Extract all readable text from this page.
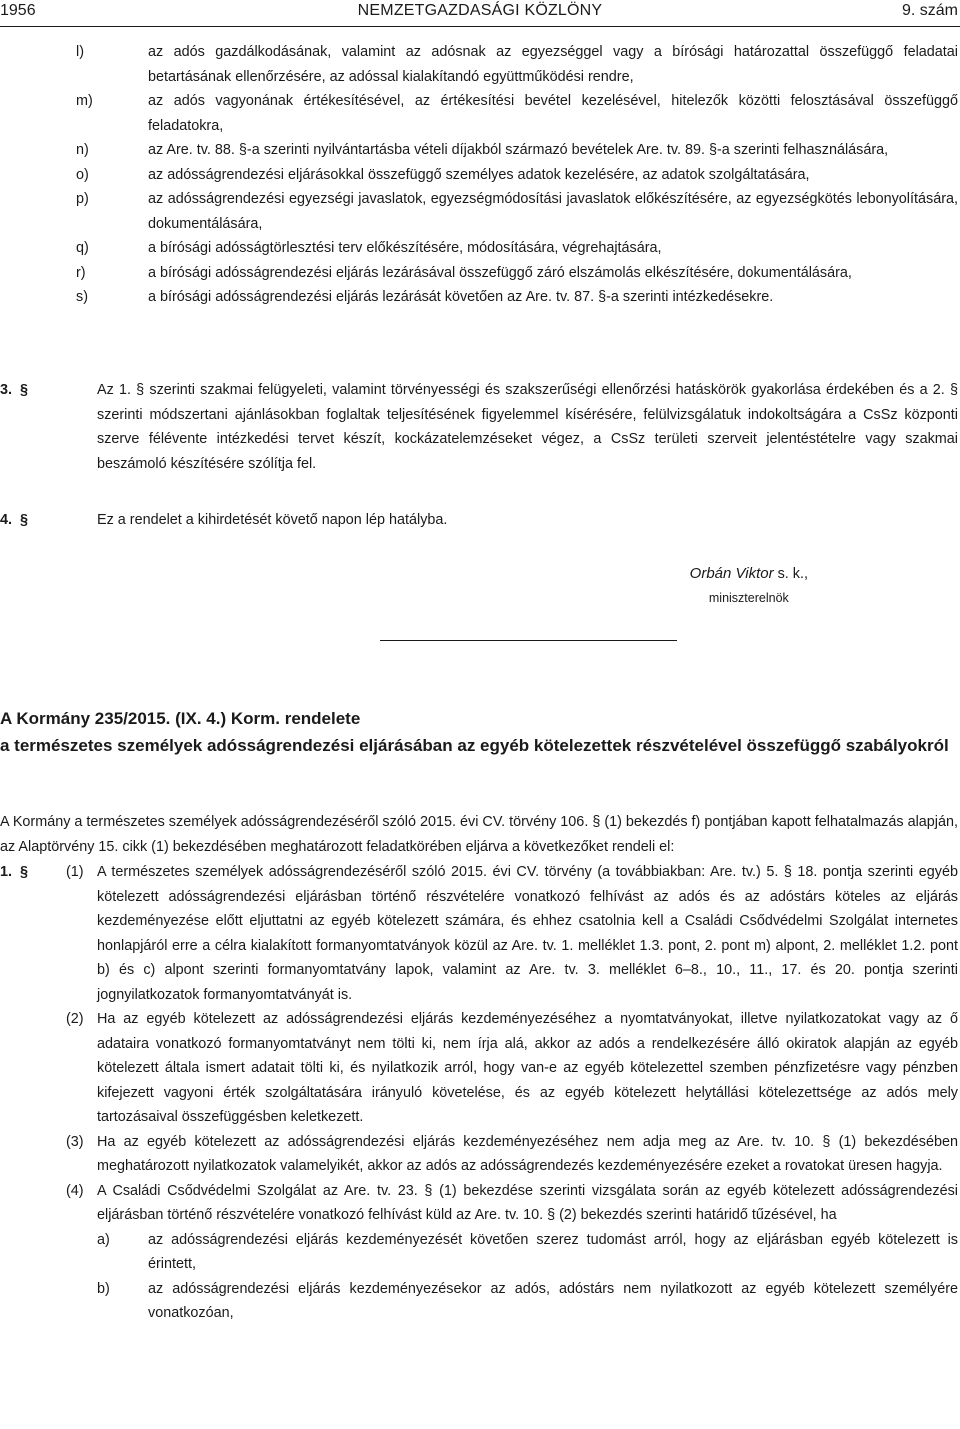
1956	NEMZETGAZDASÁGI KÖZLÖNY	9. szám
l)	az adós gazdálkodásának, valamint az adósnak az egyezséggel vagy a bírósági határozattal összefüggő feladatai betartásának ellenőrzésére, az adóssal kialakítandó együttműködési rendre,
m)	az adós vagyonának értékesítésével, az értékesítési bevétel kezelésével, hitelezők közötti felosztásával összefüggő feladatokra,
n)	az Are. tv. 88. §-a szerinti nyilvántartásba vételi díjakból származó bevételek Are. tv. 89. §-a szerinti felhasználására,
o)	az adósságrendezési eljárásokkal összefüggő személyes adatok kezelésére, az adatok szolgáltatására,
p)	az adósságrendezési egyezségi javaslatok, egyezségmódosítási javaslatok előkészítésére, az egyezségkötés lebonyolítására, dokumentálására,
q)	a bírósági adósságtörlesztési terv előkészítésére, módosítására, végrehajtására,
r)	a bírósági adósságrendezési eljárás lezárásával összefüggő záró elszámolás elkészítésére, dokumentálására,
s)	a bírósági adósságrendezési eljárás lezárását követően az Are. tv. 87. §-a szerinti intézkedésekre.
3. §	Az 1. § szerinti szakmai felügyeleti, valamint törvényességi és szakszerűségi ellenőrzési hatáskörök gyakorlása érdekében és a 2. § szerinti módszertani ajánlásokban foglaltak teljesítésének figyelemmel kísérésére, felülvizsgálatuk indokoltságára a CsSz központi szerve félévente intézkedési tervet készít, kockázatelemzéseket végez, a CsSz területi szerveit jelentéstételre vagy szakmai beszámoló készítésére szólítja fel.
4. §	Ez a rendelet a kihirdetését követő napon lép hatályba.
Orbán Viktor s. k.,
miniszterelnök
A Kormány 235/2015. (IX. 4.) Korm. rendelete
a természetes személyek adósságrendezési eljárásában az egyéb kötelezettek részvételével összefüggő szabályokról
A Kormány a természetes személyek adósságrendezéséről szóló 2015. évi CV. törvény 106. § (1) bekezdés f) pontjában kapott felhatalmazás alapján, az Alaptörvény 15. cikk (1) bekezdésében meghatározott feladatkörében eljárva a következőket rendeli el:
1. §	(1) A természetes személyek adósságrendezéséről szóló 2015. évi CV. törvény (a továbbiakban: Are. tv.) 5. § 18. pontja szerinti egyéb kötelezett adósságrendezési eljárásban történő részvételére vonatkozó felhívást az adós és az adóstárs köteles az eljárás kezdeményezése előtt eljuttatni az egyéb kötelezett számára, és ehhez csatolnia kell a Családi Csődvédelmi Szolgálat internetes honlapjáról erre a célra kialakított formanyomtatványok közül az Are. tv. 1. melléklet 1.3. pont, 2. pont m) alpont, 2. melléklet 1.2. pont b) és c) alpont szerinti formanyomtatvány lapok, valamint az Are. tv. 3. melléklet 6–8., 10., 11., 17. és 20. pontja szerinti jognyilatkozatok formanyomtatványát is.
(2) Ha az egyéb kötelezett az adósságrendezési eljárás kezdeményezéséhez a nyomtatványokat, illetve nyilatkozatokat vagy az ő adataira vonatkozó formanyomtatványt nem tölti ki, nem írja alá, akkor az adós a rendelkezésére álló okiratok alapján az egyéb kötelezett általa ismert adatait tölti ki, és nyilatkozik arról, hogy van-e az egyéb kötelezettel szemben pénzfizetésre vagy pénzben kifejezett vagyoni érték szolgáltatására irányuló követelése, és az egyéb kötelezett helytállási kötelezettsége az adós mely tartozásaival összefüggésben keletkezett.
(3) Ha az egyéb kötelezett az adósságrendezési eljárás kezdeményezéséhez nem adja meg az Are. tv. 10. § (1) bekezdésében meghatározott nyilatkozatok valamelyikét, akkor az adós az adósságrendezés kezdeményezésére ezeket a rovatokat üresen hagyja.
(4) A Családi Csődvédelmi Szolgálat az Are. tv. 23. § (1) bekezdése szerinti vizsgálata során az egyéb kötelezett adósságrendezési eljárásban történő részvételére vonatkozó felhívást küld az Are. tv. 10. § (2) bekezdés szerinti határidő tűzésével, ha
a)	az adósságrendezési eljárás kezdeményezését követően szerez tudomást arról, hogy az eljárásban egyéb kötelezett is érintett,
b)	az adósságrendezési eljárás kezdeményezésekor az adós, adóstárs nem nyilatkozott az egyéb kötelezett személyére vonatkozóan,
